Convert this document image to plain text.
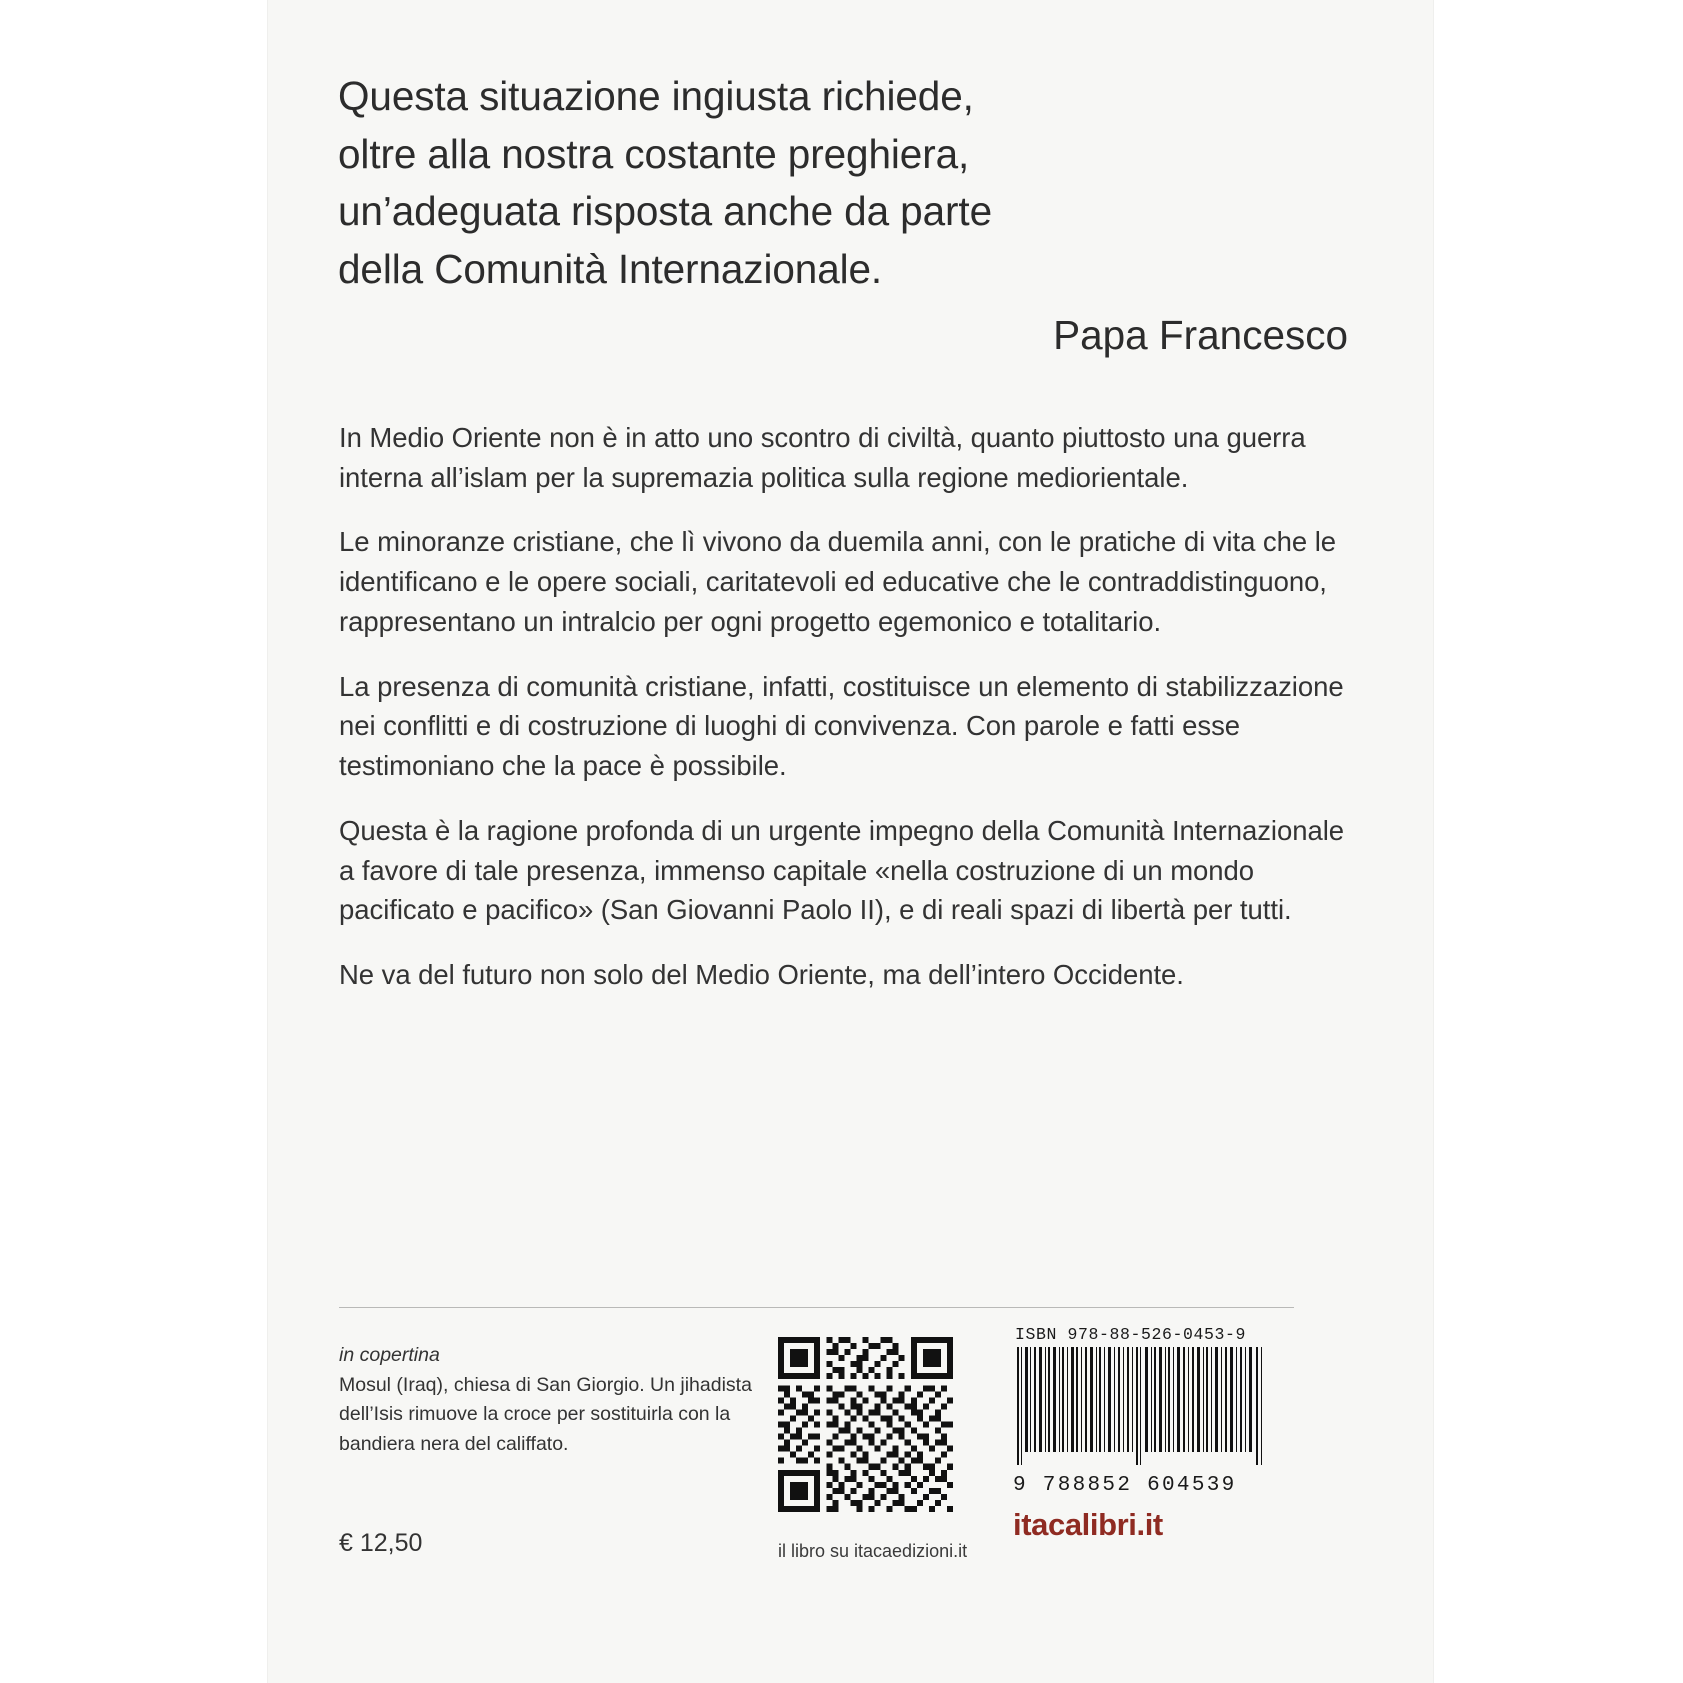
Questa situazione ingiusta richiede,
oltre alla nostra costante preghiera,
un’adeguata risposta anche da parte
della Comunità Internazionale.
Papa Francesco

In Medio Oriente non è in atto uno scontro di civiltà, quanto piuttosto una guerra interna all’islam per la supremazia politica sulla regione mediorientale.

Le minoranze cristiane, che lì vivono da duemila anni, con le pratiche di vita che le identificano e le opere sociali, caritatevoli ed educative che le contraddistinguono, rappresentano un intralcio per ogni progetto egemonico e totalitario.

La presenza di comunità cristiane, infatti, costituisce un elemento di stabilizzazione nei conflitti e di costruzione di luoghi di convivenza. Con parole e fatti esse testimoniano che la pace è possibile.

Questa è la ragione profonda di un urgente impegno della Comunità Internazionale a favore di tale presenza, immenso capitale «nella costruzione di un mondo pacificato e pacifico» (San Giovanni Paolo II), e di reali spazi di libertà per tutti.

Ne va del futuro non solo del Medio Oriente, ma dell’intero Occidente.

in copertina
Mosul (Iraq), chiesa di San Giorgio. Un jihadista dell’Isis rimuove la croce per sostituirla con la bandiera nera del califfato.
il libro su itacaedizioni.it

ISBN 978-88-526-0453-9

9 788852 604539

itacalibri.it
€ 12,50
